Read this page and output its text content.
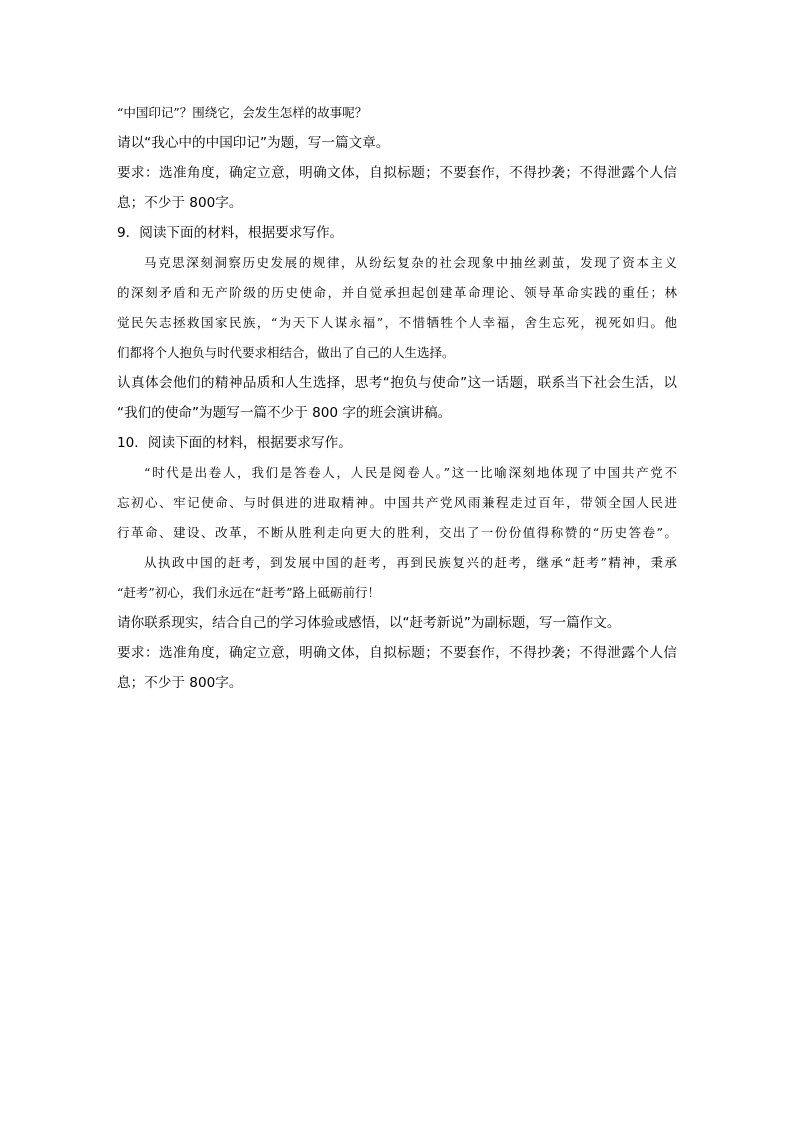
“中国印记”？围绕它，会发生怎样的故事呢？
请以“我心中的中国印记”为题，写一篇文章。
要求：选准角度，确定立意，明确文体，自拟标题；不要套作，不得抄袭；不得泄露个人信
息；不少于 800字。
9．阅读下面的材料，根据要求写作。
马克思深刻洞察历史发展的规律，从纷纭复杂的社会现象中抽丝剥茧，发现了资本主义
的深刻矛盾和无产阶级的历史使命，并自觉承担起创建革命理论、领导革命实践的重任；林
觉民矢志拯救国家民族，“为天下人谋永福”，不惜牺牲个人幸福，舍生忘死，视死如归。他
们都将个人抱负与时代要求相结合，做出了自己的人生选择。
认真体会他们的精神品质和人生选择，思考“抱负与使命”这一话题，联系当下社会生活，以
“我们的使命”为题写一篇不少于 800 字的班会演讲稿。
10．阅读下面的材料，根据要求写作。
“时代是出卷人，我们是答卷人，人民是阅卷人。”这一比喻深刻地体现了中国共产党不
忘初心、牢记使命、与时俱进的进取精神。中国共产党风雨兼程走过百年，带领全国人民进
行革命、建设、改革，不断从胜利走向更大的胜利，交出了一份份值得称赞的“历史答卷”。
从执政中国的赶考，到发展中国的赶考，再到民族复兴的赶考，继承“赶考”精神，秉承
“赶考”初心，我们永远在“赶考”路上砥砺前行！
请你联系现实，结合自己的学习体验或感悟，以“赶考新说”为副标题，写一篇作文。
要求：选准角度，确定立意，明确文体，自拟标题；不要套作，不得抄袭；不得泄露个人信
息；不少于 800字。
